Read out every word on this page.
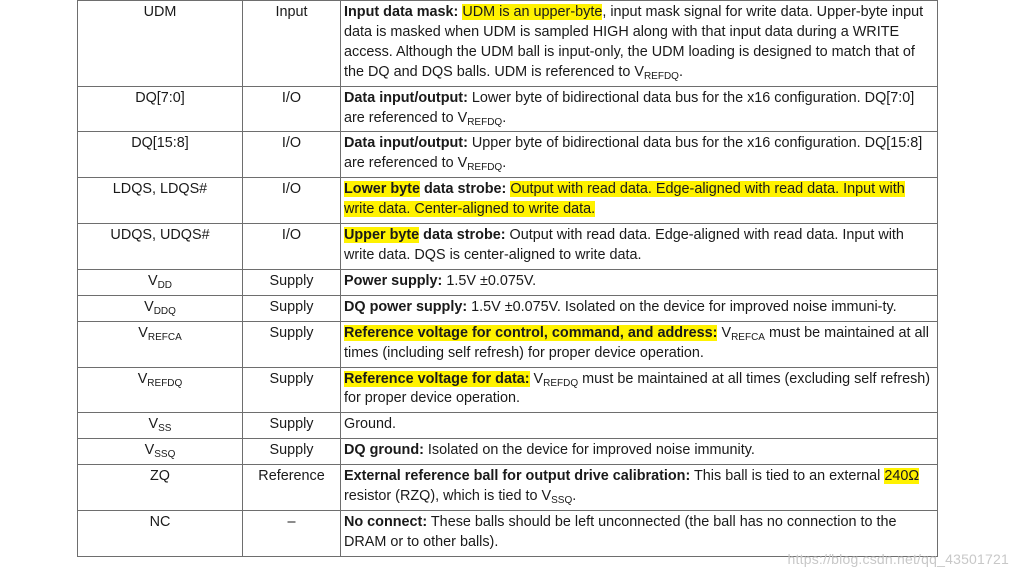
UDM	Input	Input data mask: UDM is an upper-byte, input mask signal for write data. Upper-byte input data is masked when UDM is sampled HIGH along with that input data during a WRITE access. Although the UDM ball is input-only, the UDM loading is designed to match that of the DQ and DQS balls. UDM is referenced to $V_{REFDQ}$.
DQ[7:0]	I/O	Data input/output: Lower byte of bidirectional data bus for the x16 configuration. DQ[7:0] are referenced to $V_{REFDQ}$.
DQ[15:8]	I/O	Data input/output: Upper byte of bidirectional data bus for the x16 configuration. DQ[15:8] are referenced to $V_{REFDQ}$.
LDQS, LDQS#	I/O	Lower byte data strobe: Output with read data. Edge-aligned with read data. Input with write data. Center-aligned to write data.
UDQS, UDQS#	I/O	Upper byte data strobe: Output with read data. Edge-aligned with read data. Input with write data. DQS is center-aligned to write data.
$V_{DD}$	Supply	Power supply: 1.5V ±0.075V.
$V_{DDQ}$	Supply	DQ power supply: 1.5V ±0.075V. Isolated on the device for improved noise immuni-ty.
$V_{REFCA}$	Supply	Reference voltage for control, command, and address: $V_{REFCA}$ must be maintained at all times (including self refresh) for proper device operation.
$V_{REFDQ}$	Supply	Reference voltage for data: $V_{REFDQ}$ must be maintained at all times (excluding self refresh) for proper device operation.
$V_{SS}$	Supply	Ground.
$V_{SSQ}$	Supply	DQ ground: Isolated on the device for improved noise immunity.
ZQ	Reference	External reference ball for output drive calibration: This ball is tied to an external 240Ω resistor (RZQ), which is tied to $V_{SSQ}$.
NC	–	No connect: These balls should be left unconnected (the ball has no connection to the DRAM or to other balls).
https://blog.csdn.net/qq_43501721
